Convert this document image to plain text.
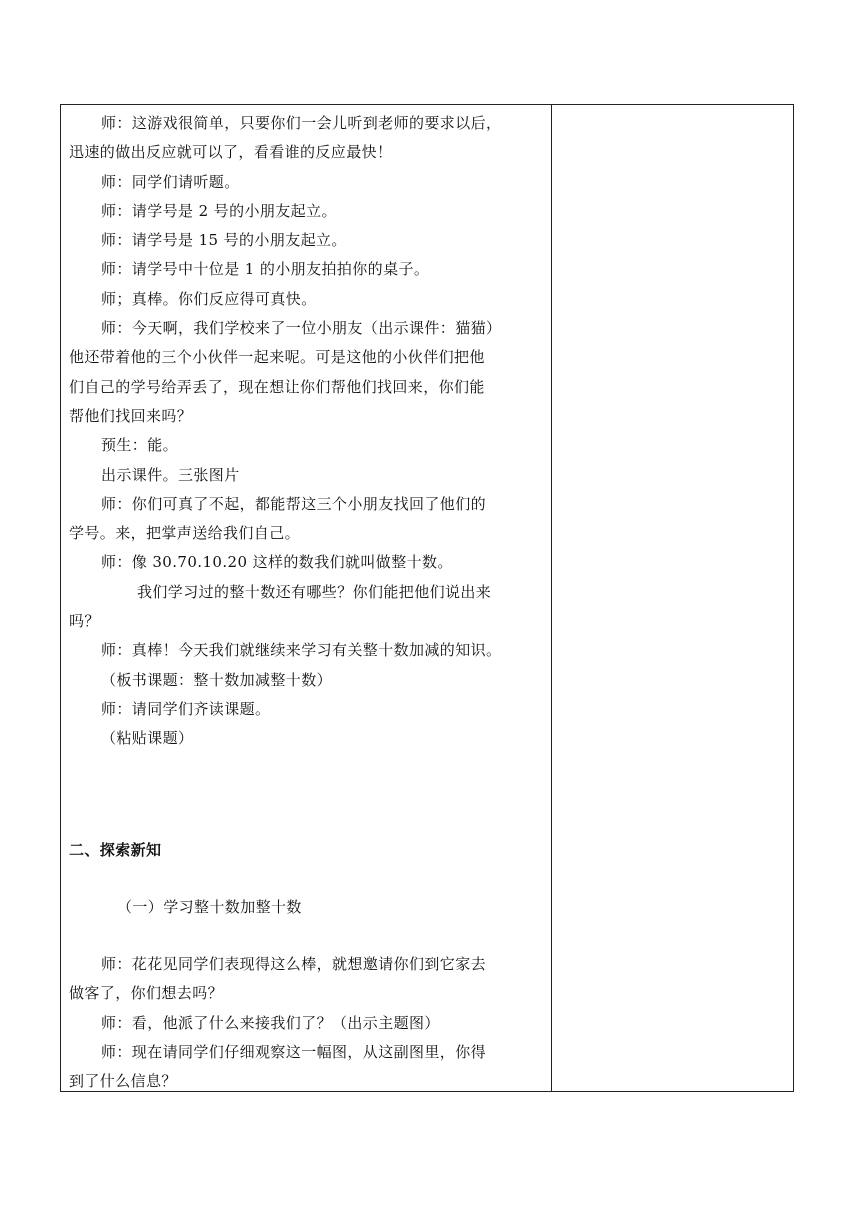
师：这游戏很简单，只要你们一会儿听到老师的要求以后，
迅速的做出反应就可以了，看看谁的反应最快！
师：同学们请听题。
师：请学号是 2 号的小朋友起立。
师：请学号是 15 号的小朋友起立。
师：请学号中十位是 1 的小朋友拍拍你的桌子。
师；真棒。你们反应得可真快。
师：今天啊，我们学校来了一位小朋友（出示课件：猫猫）
他还带着他的三个小伙伴一起来呢。可是这他的小伙伴们把他
们自己的学号给弄丢了，现在想让你们帮他们找回来，你们能
帮他们找回来吗？
预生：能。
出示课件。三张图片
师：你们可真了不起，都能帮这三个小朋友找回了他们的
学号。来，把掌声送给我们自己。
师：像 30.70.10.20 这样的数我们就叫做整十数。
我们学习过的整十数还有哪些？你们能把他们说出来
吗？
师：真棒！今天我们就继续来学习有关整十数加减的知识。
（板书课题：整十数加减整十数）
师：请同学们齐读课题。
（粘贴课题）
二、探索新知
（一）学习整十数加整十数
师：花花见同学们表现得这么棒，就想邀请你们到它家去
做客了，你们想去吗？
师：看，他派了什么来接我们了？（出示主题图）
师：现在请同学们仔细观察这一幅图，从这副图里，你得
到了什么信息？
